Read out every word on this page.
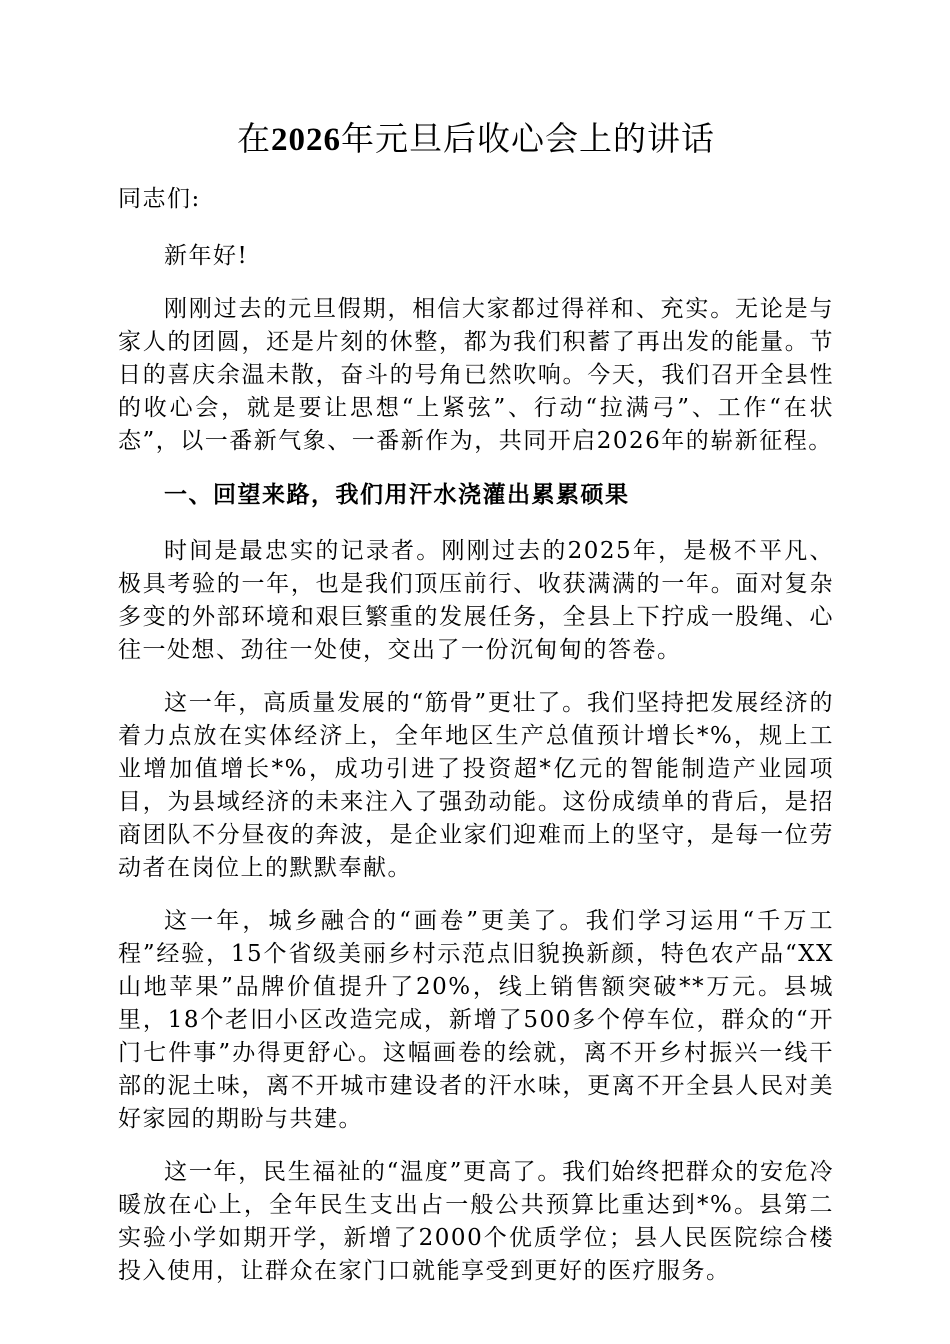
在2026年元旦后收心会上的讲话

同志们:

新年好!

刚刚过去的元旦假期，相信大家都过得祥和、充实。无论是与家人的团圆，还是片刻的休整，都为我们积蓄了再出发的能量。节日的喜庆余温未散，奋斗的号角已然吹响。今天，我们召开全县性的收心会，就是要让思想“上紧弦”、行动“拉满弓”、工作“在状态”，以一番新气象、一番新作为，共同开启2026年的崭新征程。

一、回望来路，我们用汗水浇灌出累累硕果

时间是最忠实的记录者。刚刚过去的2025年，是极不平凡、极具考验的一年，也是我们顶压前行、收获满满的一年。面对复杂多变的外部环境和艰巨繁重的发展任务，全县上下拧成一股绳、心往一处想、劲往一处使，交出了一份沉甸甸的答卷。

这一年，高质量发展的“筋骨”更壮了。我们坚持把发展经济的着力点放在实体经济上，全年地区生产总值预计增长*%，规上工业增加值增长*%，成功引进了投资超*亿元的智能制造产业园项目，为县域经济的未来注入了强劲动能。这份成绩单的背后，是招商团队不分昼夜的奔波，是企业家们迎难而上的坚守，是每一位劳动者在岗位上的默默奉献。

这一年，城乡融合的“画卷”更美了。我们学习运用“千万工程”经验，15个省级美丽乡村示范点旧貌换新颜，特色农产品“XX山地苹果”品牌价值提升了20%，线上销售额突破**万元。县城里，18个老旧小区改造完成，新增了500多个停车位，群众的“开门七件事”办得更舒心。这幅画卷的绘就，离不开乡村振兴一线干部的泥土味，离不开城市建设者的汗水味，更离不开全县人民对美好家园的期盼与共建。

这一年，民生福祉的“温度”更高了。我们始终把群众的安危冷暖放在心上，全年民生支出占一般公共预算比重达到*%。县第二实验小学如期开学，新增了2000个优质学位；县人民医院综合楼投入使用，让群众在家门口就能享受到更好的医疗服务。
